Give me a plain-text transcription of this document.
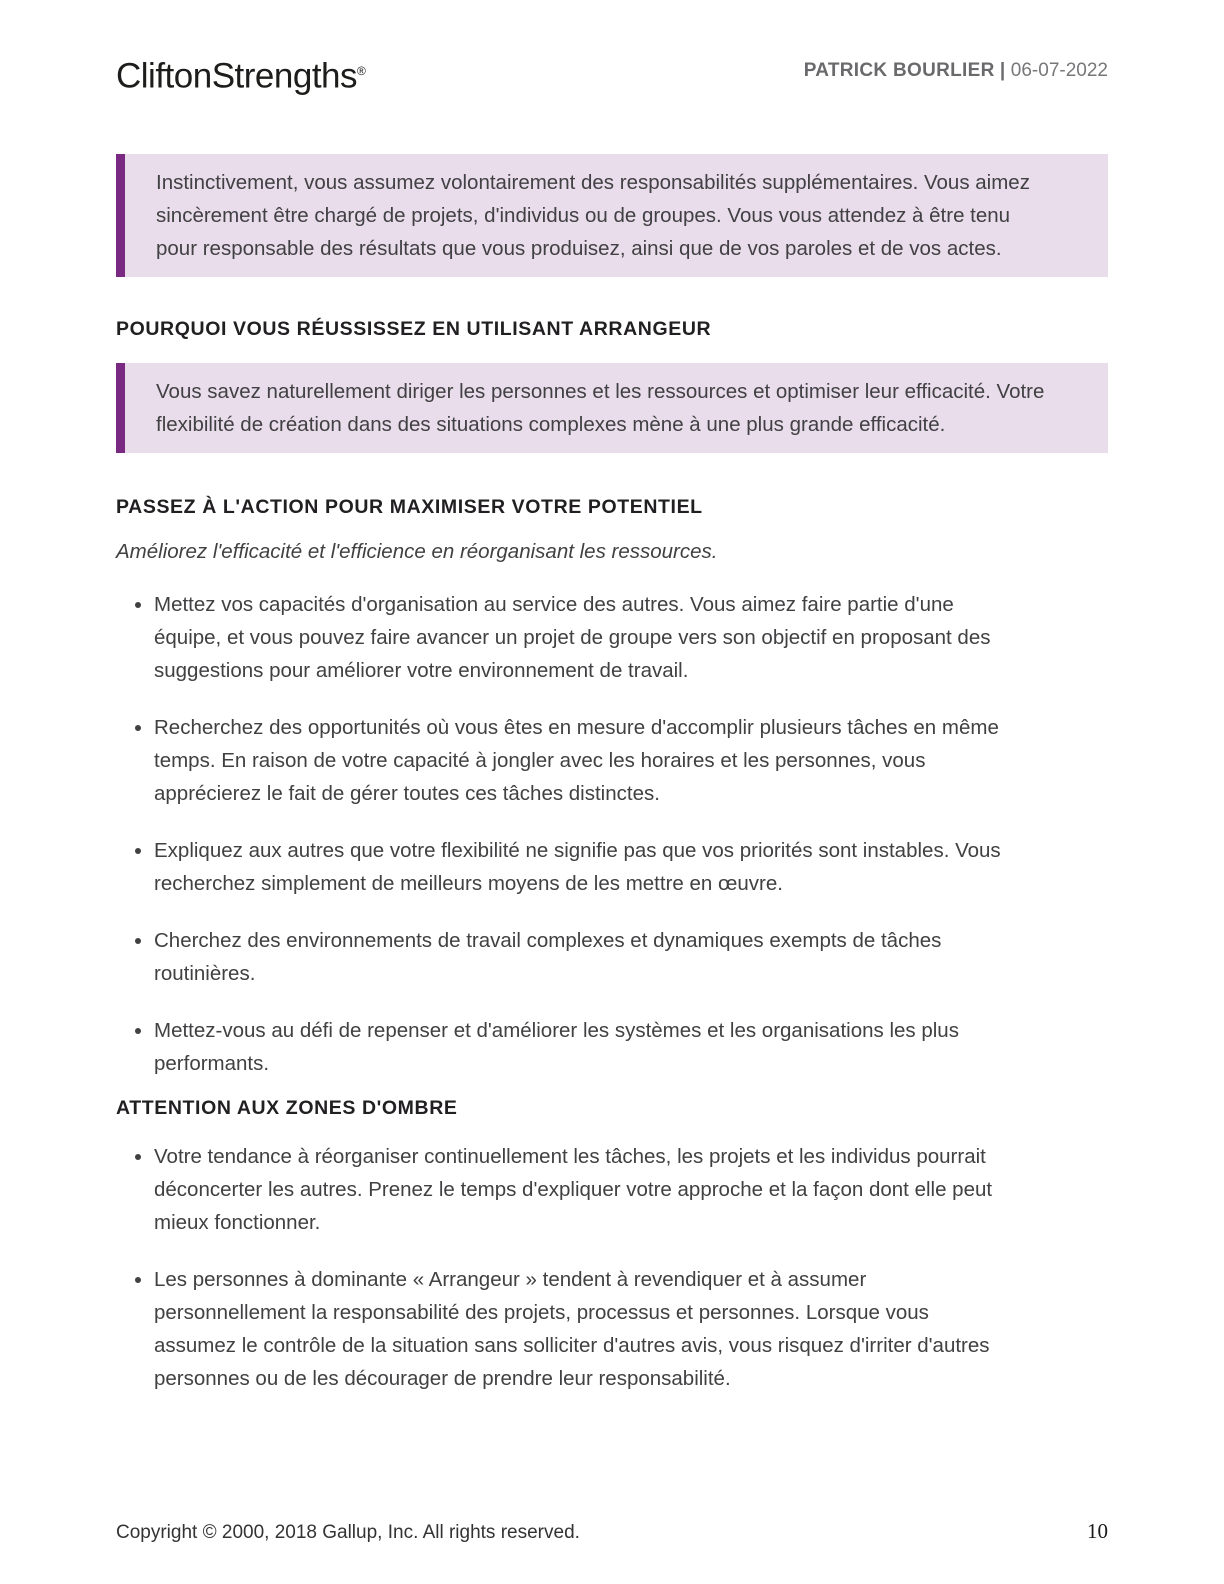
CliftonStrengths®	PATRICK BOURLIER | 06-07-2022

Instinctivement, vous assumez volontairement des responsabilités supplémentaires. Vous aimez sincèrement être chargé de projets, d'individus ou de groupes. Vous vous attendez à être tenu pour responsable des résultats que vous produisez, ainsi que de vos paroles et de vos actes.

POURQUOI VOUS RÉUSSISSEZ EN UTILISANT ARRANGEUR

Vous savez naturellement diriger les personnes et les ressources et optimiser leur efficacité. Votre flexibilité de création dans des situations complexes mène à une plus grande efficacité.

PASSEZ À L'ACTION POUR MAXIMISER VOTRE POTENTIEL

Améliorez l'efficacité et l'efficience en réorganisant les ressources.

• Mettez vos capacités d'organisation au service des autres. Vous aimez faire partie d'une équipe, et vous pouvez faire avancer un projet de groupe vers son objectif en proposant des suggestions pour améliorer votre environnement de travail.
• Recherchez des opportunités où vous êtes en mesure d'accomplir plusieurs tâches en même temps. En raison de votre capacité à jongler avec les horaires et les personnes, vous apprécierez le fait de gérer toutes ces tâches distinctes.
• Expliquez aux autres que votre flexibilité ne signifie pas que vos priorités sont instables. Vous recherchez simplement de meilleurs moyens de les mettre en œuvre.
• Cherchez des environnements de travail complexes et dynamiques exempts de tâches routinières.
• Mettez-vous au défi de repenser et d'améliorer les systèmes et les organisations les plus performants.
ATTENTION AUX ZONES D'OMBRE
• Votre tendance à réorganiser continuellement les tâches, les projets et les individus pourrait déconcerter les autres. Prenez le temps d'expliquer votre approche et la façon dont elle peut mieux fonctionner.
• Les personnes à dominante « Arrangeur » tendent à revendiquer et à assumer personnellement la responsabilité des projets, processus et personnes. Lorsque vous assumez le contrôle de la situation sans solliciter d'autres avis, vous risquez d'irriter d'autres personnes ou de les décourager de prendre leur responsabilité.
Copyright © 2000, 2018 Gallup, Inc. All rights reserved.	10
